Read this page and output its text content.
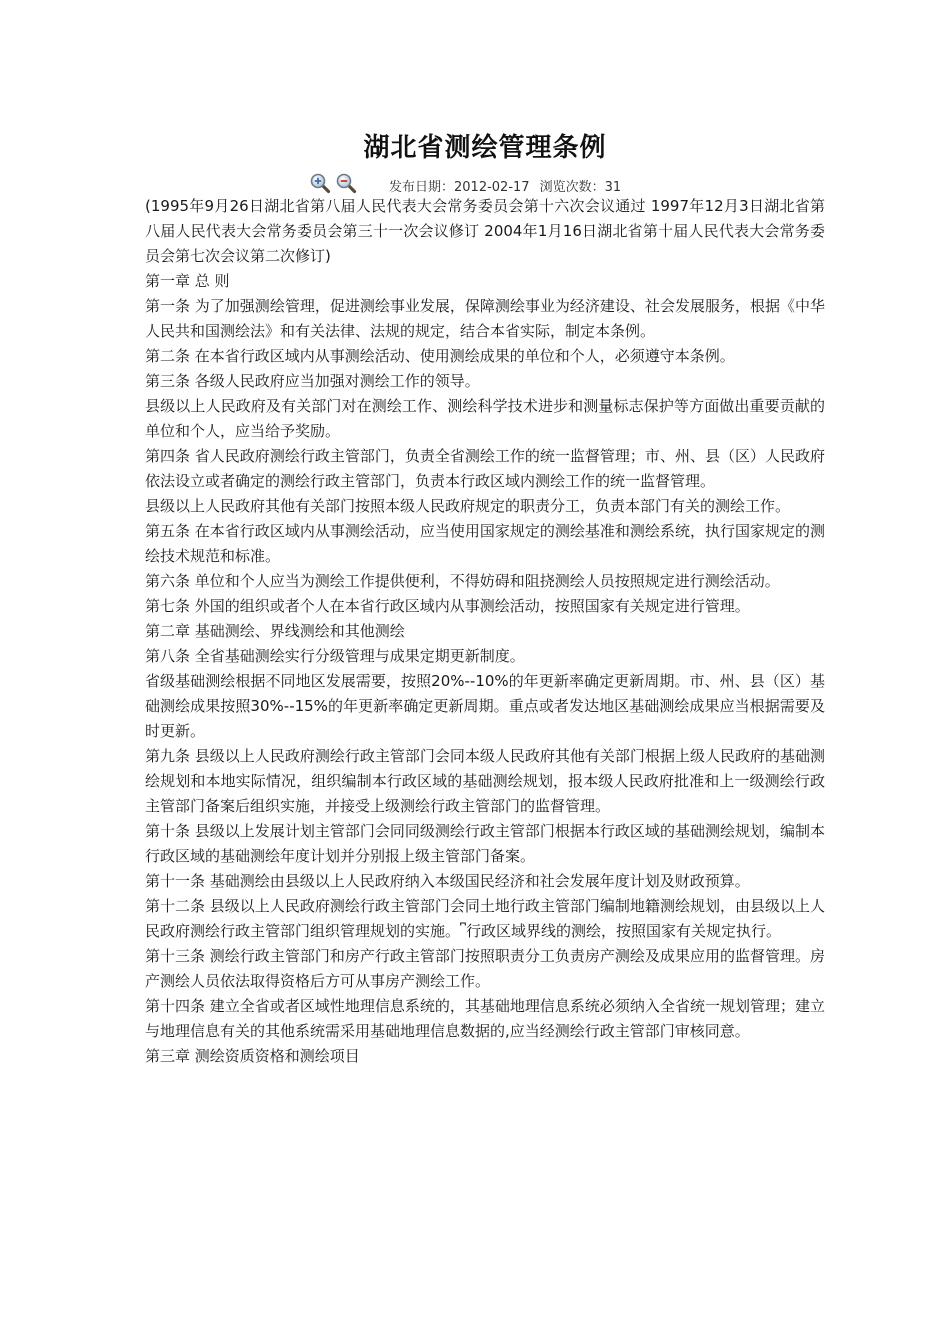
湖北省测绘管理条例
发布日期：2012-02-17 浏览次数：31

(1995年9月26日湖北省第八届人民代表大会常务委员会第十六次会议通过 1997年12月3日湖北省第八届人民代表大会常务委员会第三十一次会议修订 2004年1月16日湖北省第十届人民代表大会常务委员会第七次会议第二次修订)

第一章 总 则

第一条 为了加强测绘管理，促进测绘事业发展，保障测绘事业为经济建设、社会发展服务，根据《中华人民共和国测绘法》和有关法律、法规的规定，结合本省实际，制定本条例。

第二条 在本省行政区域内从事测绘活动、使用测绘成果的单位和个人，必须遵守本条例。

第三条 各级人民政府应当加强对测绘工作的领导。

县级以上人民政府及有关部门对在测绘工作、测绘科学技术进步和测量标志保护等方面做出重要贡献的单位和个人，应当给予奖励。

第四条 省人民政府测绘行政主管部门，负责全省测绘工作的统一监督管理；市、州、县（区）人民政府依法设立或者确定的测绘行政主管部门，负责本行政区域内测绘工作的统一监督管理。

县级以上人民政府其他有关部门按照本级人民政府规定的职责分工，负责本部门有关的测绘工作。

第五条 在本省行政区域内从事测绘活动，应当使用国家规定的测绘基准和测绘系统，执行国家规定的测绘技术规范和标准。

第六条 单位和个人应当为测绘工作提供便利，不得妨碍和阻挠测绘人员按照规定进行测绘活动。

第七条 外国的组织或者个人在本省行政区域内从事测绘活动，按照国家有关规定进行管理。

第二章 基础测绘、界线测绘和其他测绘

第八条 全省基础测绘实行分级管理与成果定期更新制度。

省级基础测绘根据不同地区发展需要，按照20%--10%的年更新率确定更新周期。市、州、县（区）基础测绘成果按照30%--15%的年更新率确定更新周期。重点或者发达地区基础测绘成果应当根据需要及时更新。

第九条 县级以上人民政府测绘行政主管部门会同本级人民政府其他有关部门根据上级人民政府的基础测绘规划和本地实际情况，组织编制本行政区域的基础测绘规划，报本级人民政府批准和上一级测绘行政主管部门备案后组织实施，并接受上级测绘行政主管部门的监督管理。

第十条 县级以上发展计划主管部门会同同级测绘行政主管部门根据本行政区域的基础测绘规划，编制本行政区域的基础测绘年度计划并分别报上级主管部门备案。

第十一条 基础测绘由县级以上人民政府纳入本级国民经济和社会发展年度计划及财政预算。

第十二条 县级以上人民政府测绘行政主管部门会同土地行政主管部门编制地籍测绘规划，由县级以上人民政府测绘行政主管部门组织管理规划的实施。⎴行政区域界线的测绘，按照国家有关规定执行。

第十三条 测绘行政主管部门和房产行政主管部门按照职责分工负责房产测绘及成果应用的监督管理。房产测绘人员依法取得资格后方可从事房产测绘工作。

第十四条 建立全省或者区域性地理信息系统的，其基础地理信息系统必须纳入全省统一规划管理；建立与地理信息有关的其他系统需采用基础地理信息数据的,应当经测绘行政主管部门审核同意。

第三章 测绘资质资格和测绘项目
